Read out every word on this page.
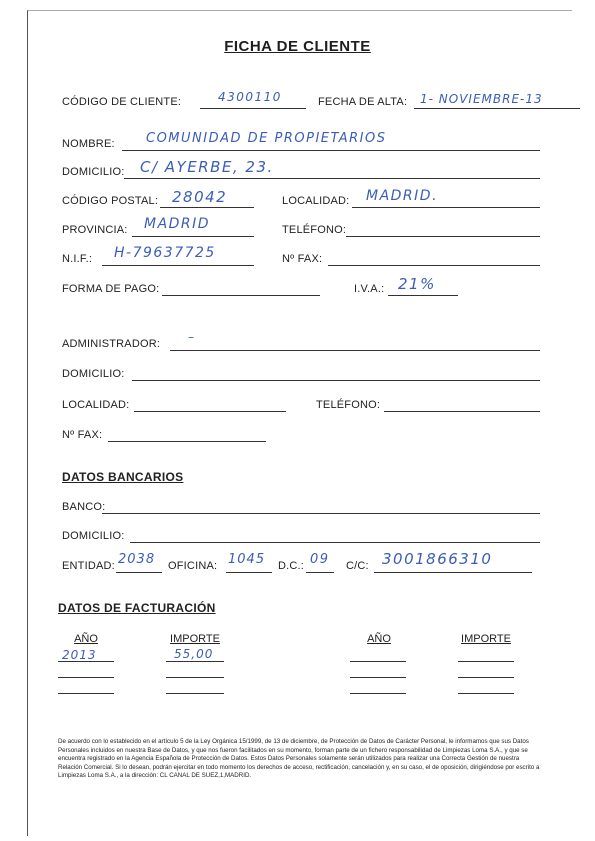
FICHA DE CLIENTE
CÓDIGO DE CLIENTE:	4300110	FECHA DE ALTA: 1- NOVIEMBRE-13
NOMBRE: COMUNIDAD DE PROPIETARIOS
DOMICILIO: C/ AYERBE, 23.
CÓDIGO POSTAL: 28042	LOCALIDAD: MADRID.
PROVINCIA: MADRID	TELÉFONO:
N.I.F.: H-79637725	Nº FAX:
FORMA DE PAGO:	I.V.A.: 21%
ADMINISTRADOR: –
DOMICILIO:
LOCALIDAD:	TELÉFONO:
Nº FAX:
DATOS BANCARIOS
BANCO:
DOMICILIO:
ENTIDAD: 2038 OFICINA: 1045 D.C.: 09 C/C: 3001866310
DATOS DE FACTURACIÓN
AÑO	IMPORTE	AÑO	IMPORTE
2013	55,00
De acuerdo con lo establecido en el artículo 5 de la Ley Orgánica 15/1999, de 13 de diciembre, de Protección de Datos de Carácter Personal, le informamos que sus Datos Personales incluidos en nuestra Base de Datos, y que nos fueron facilitados en su momento, forman parte de un fichero responsabilidad de Limpiezas Loma S.A., y que se encuentra registrado en la Agencia Española de Protección de Datos. Estos Datos Personales solamente serán utilizados para realizar una Correcta Gestión de nuestra Relación Comercial. Si lo desean, podrán ejercitar en todo momento los derechos de acceso, rectificación, cancelación y, en su caso, el de oposición, dirigiéndose por escrito a Limpiezas Loma S.A., a la dirección: CL CANAL DE SUEZ,1,MADRID.
